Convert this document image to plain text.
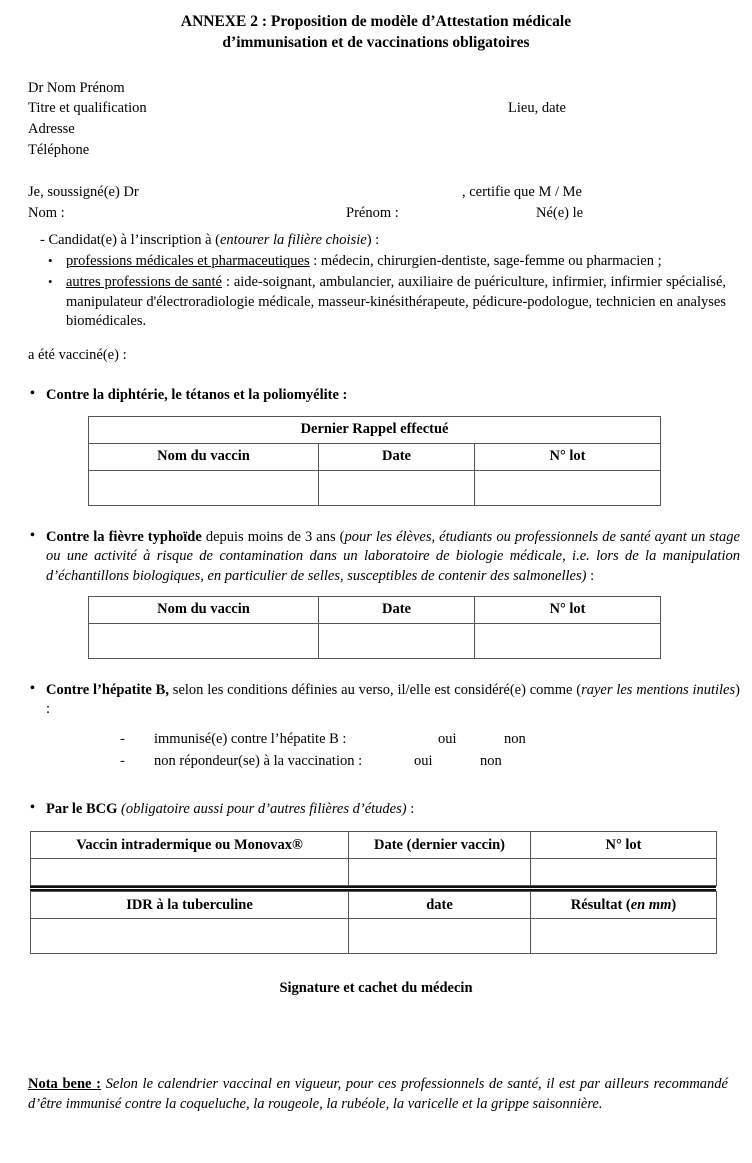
ANNEXE 2 : Proposition de modèle d’Attestation médicale
d’immunisation et de vaccinations obligatoires
Dr Nom Prénom
Titre et qualification
Adresse
Téléphone
Lieu, date
Je, soussigné(e) Dr	, certifie que M / Me
Nom :	Prénom :	Né(e) le
- Candidat(e) à l’inscription à (entourer la filière choisie) :
• professions médicales et pharmaceutiques : médecin, chirurgien-dentiste, sage-femme ou pharmacien ;
• autres professions de santé : aide-soignant, ambulancier, auxiliaire de puériculture, infirmier, infirmier spécialisé, manipulateur d'électroradiologie médicale, masseur-kinésithérapeute, pédicure-podologue, technicien en analyses biomédicales.
a été vacciné(e) :
• Contre la diphtérie, le tétanos et la poliomyélite :
Dernier Rappel effectué		
Nom du vaccin	Date	N° lot

• Contre la fièvre typhoïde depuis moins de 3 ans (pour les élèves, étudiants ou professionnels de santé ayant un stage ou une activité à risque de contamination dans un laboratoire de biologie médicale, i.e. lors de la manipulation d’échantillons biologiques, en particulier de selles, susceptibles de contenir des salmonelles) :
Nom du vaccin	Date	N° lot

• Contre l’hépatite B, selon les conditions définies au verso, il/elle est considéré(e) comme (rayer les mentions inutiles) :
- immunisé(e) contre l’hépatite B :	oui	non
- non répondeur(se) à la vaccination :	oui	non
• Par le BCG (obligatoire aussi pour d’autres filières d’études) :
Vaccin intradermique ou Monovax®	Date (dernier vaccin)	N° lot

IDR à la tuberculine	date	Résultat (en mm)

Signature et cachet du médecin
Nota bene : Selon le calendrier vaccinal en vigueur, pour ces professionnels de santé, il est par ailleurs recommandé d’être immunisé contre la coqueluche, la rougeole, la rubéole, la varicelle et la grippe saisonnière.
